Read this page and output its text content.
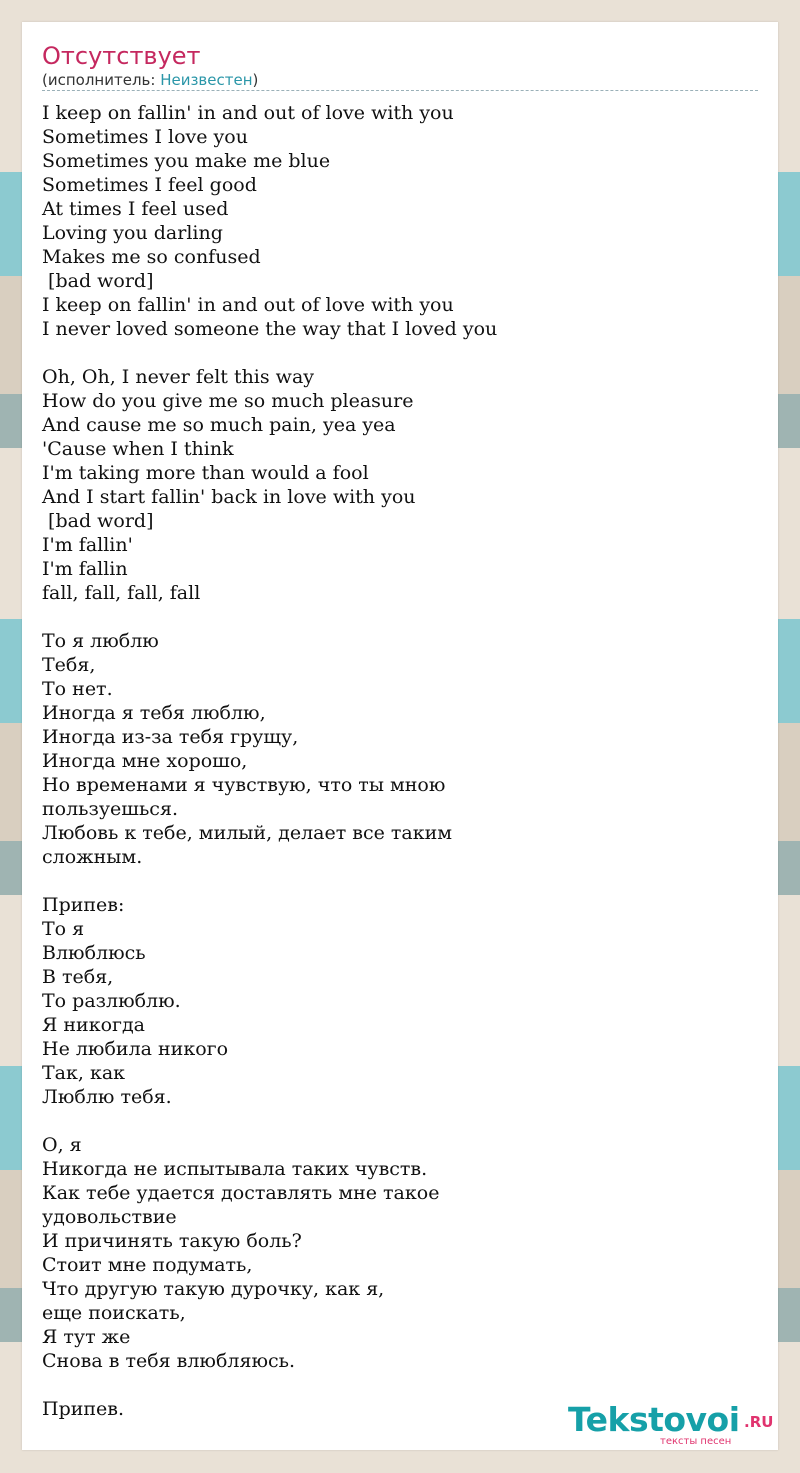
Отсутствует
(исполнитель: Неизвестен)
I keep on fallin' in and out of love with you
Sometimes I love you
Sometimes you make me blue
Sometimes I feel good
At times I feel used
Loving you darling
Makes me so confused
[bad word]
I keep on fallin' in and out of love with you
I never loved someone the way that I loved you

Oh, Oh, I never felt this way
How do you give me so much pleasure
And cause me so much pain, yea yea
'Cause when I think
I'm taking more than would a fool
And I start fallin' back in love with you
[bad word]
I'm fallin'
I'm fallin
fall, fall, fall, fall

То я люблю
Тебя,
То нет.
Иногда я тебя люблю,
Иногда из-за тебя грущу,
Иногда мне хорошо,
Но временами я чувствую, что ты мною
пользуешься.
Любовь к тебе, милый, делает все таким
сложным.

Припев:
То я
Влюблюсь
В тебя,
То разлюблю.
Я никогда
Не любила никого
Так, как
Люблю тебя.

О, я
Никогда не испытывала таких чувств.
Как тебе удается доставлять мне такое
удовольствие
И причинять такую боль?
Стоит мне подумать,
Что другую такую дурочку, как я,
еще поискать,
Я тут же
Снова в тебя влюбляюсь.

Припев.	Tekstovoi .RU
тексты песен
